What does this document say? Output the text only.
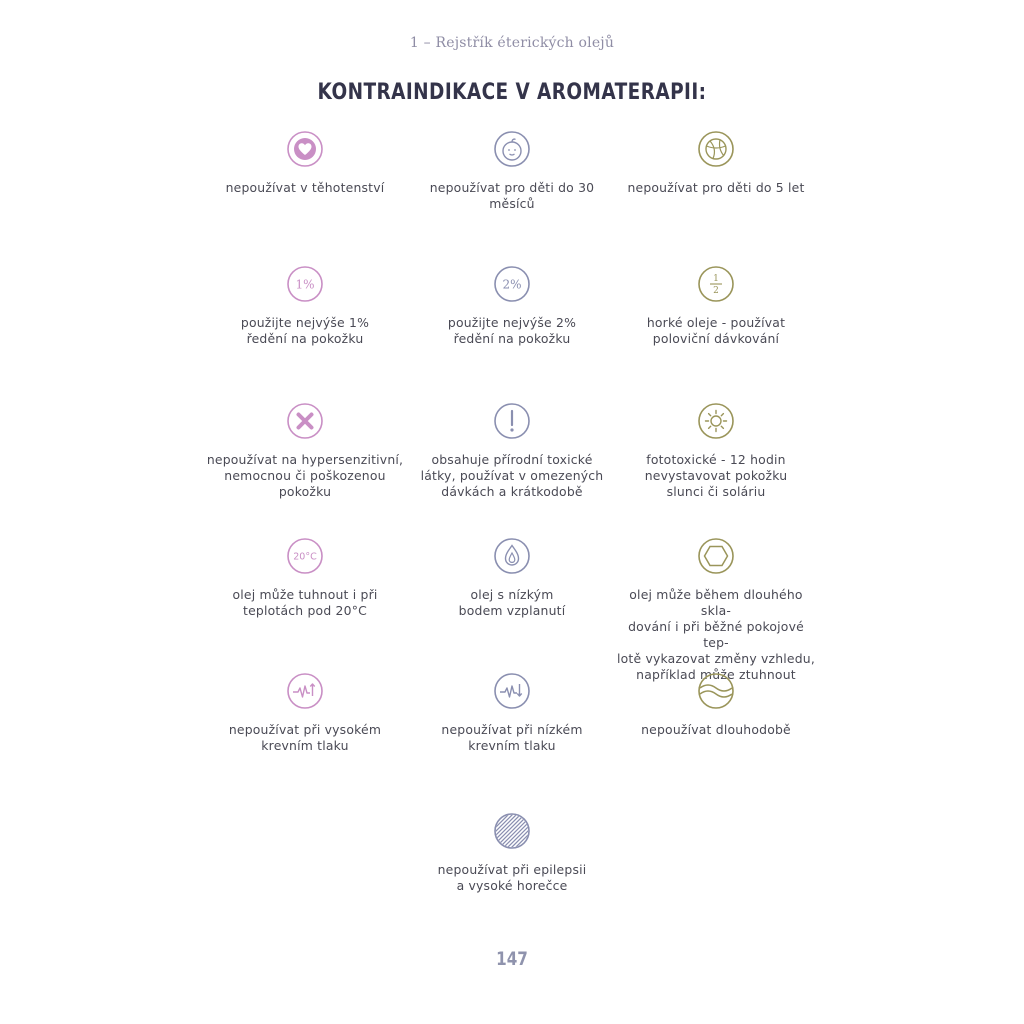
1 – Rejstřík éterických olejů
KONTRAINDIKACE V AROMATERAPII:
nepoužívat v těhotenství	nepoužívat pro děti do 30
měsíců
nepoužívat pro děti do 5 let
1%
použijte nejvýše 1%
ředění na pokožku
2%
použijte nejvýše 2%
ředění na pokožku
1
2
horké oleje - používat
poloviční dávkování
nepoužívat na hypersenzitivní,
nemocnou či poškozenou
pokožku
obsahuje přírodní toxické
látky, používat v omezených
dávkách a krátkodobě
fototoxické - 12 hodin
nevystavovat pokožku
slunci či soláriu
20°C
olej může tuhnout i při
teplotách pod 20°C
olej s nízkým
bodem vzplanutí
olej může během dlouhého skla-
dování i při běžné pokojové tep-
lotě vykazovat změny vzhledu,
například může ztuhnout
nepoužívat při vysokém
krevním tlaku
nepoužívat při nízkém
krevním tlaku
nepoužívat dlouhodobě
nepoužívat při epilepsii
a vysoké horečce
147
